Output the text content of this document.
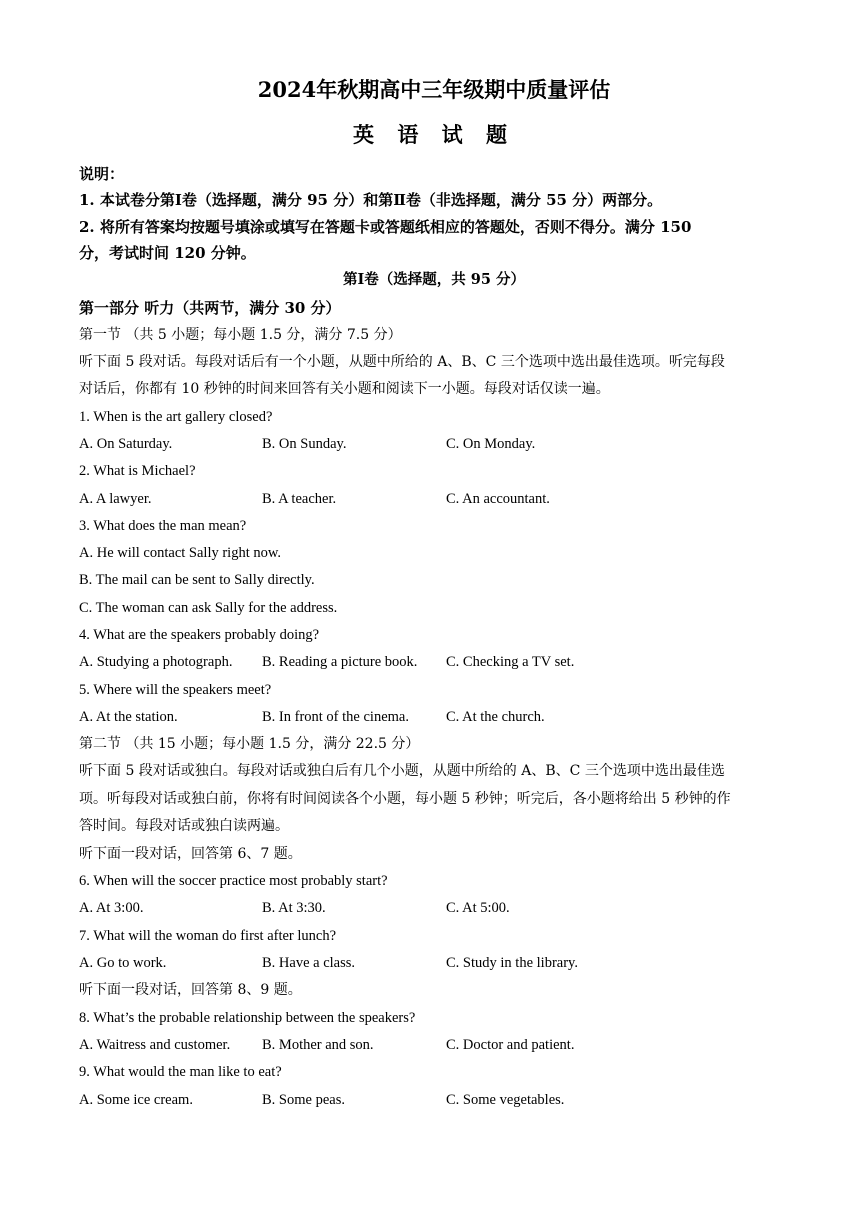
2024年秋期高中三年级期中质量评估
英 语 试 题
说明：
1. 本试卷分第Ⅰ卷（选择题，满分 95 分）和第Ⅱ卷（非选择题，满分 55 分）两部分。
2. 将所有答案均按题号填涂或填写在答题卡或答题纸相应的答题处，否则不得分。满分 150
分，考试时间 120 分钟。
第Ⅰ卷（选择题，共 95 分）
第一部分 听力（共两节，满分 30 分）
第一节 （共 5 小题；每小题 1.5 分，满分 7.5 分）
听下面 5 段对话。每段对话后有一个小题，从题中所给的 A、B、C 三个选项中选出最佳选项。听完每段
对话后，你都有 10 秒钟的时间来回答有关小题和阅读下一小题。每段对话仅读一遍。
1. When is the art gallery closed?
A. On Saturday.	B. On Sunday.	C. On Monday.
2. What is Michael?
A. A lawyer.	B. A teacher.	C. An accountant.
3. What does the man mean?
A. He will contact Sally right now.
B. The mail can be sent to Sally directly.
C. The woman can ask Sally for the address.
4. What are the speakers probably doing?
A. Studying a photograph. B. Reading a picture book. C. Checking a TV set.
5. Where will the speakers meet?
A. At the station.	B. In front of the cinema.	C. At the church.
第二节 （共 15 小题；每小题 1.5 分，满分 22.5 分）
听下面 5 段对话或独白。每段对话或独白后有几个小题，从题中所给的 A、B、C 三个选项中选出最佳选
项。听每段对话或独白前，你将有时间阅读各个小题，每小题 5 秒钟；听完后，各小题将给出 5 秒钟的作
答时间。每段对话或独白读两遍。
听下面一段对话，回答第 6、7 题。
6. When will the soccer practice most probably start?
A. At 3:00.	B. At 3:30.	C. At 5:00.
7. What will the woman do first after lunch?
A. Go to work.	B. Have a class.	C. Study in the library.
听下面一段对话，回答第 8、9 题。
8. What’s the probable relationship between the speakers?
A. Waitress and customer. B. Mother and son.	C. Doctor and patient.
9. What would the man like to eat?
A. Some ice cream.	B. Some peas.	C. Some vegetables.
